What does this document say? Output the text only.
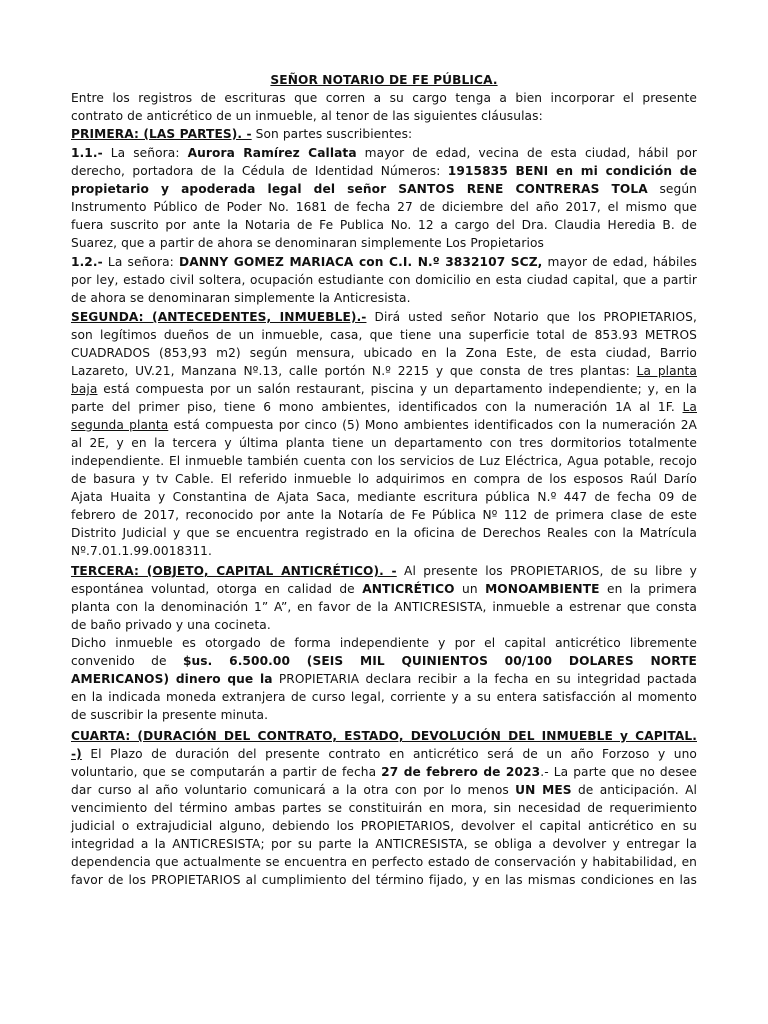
SEÑOR NOTARIO DE FE PÚBLICA.
Entre los registros de escrituras que corren a su cargo tenga a bien incorporar el presente
contrato de anticrético de un inmueble, al tenor de las siguientes cláusulas:
PRIMERA: (LAS PARTES). - Son partes suscribientes:
1.1.- La señora: Aurora Ramírez Callata mayor de edad, vecina de esta ciudad, hábil por
derecho, portadora de la Cédula de Identidad Números: 1915835 BENI en mi condición de
propietario y apoderada legal del señor SANTOS RENE CONTRERAS TOLA según
Instrumento Público de Poder No. 1681 de fecha 27 de diciembre del año 2017, el mismo que
fuera suscrito por ante la Notaria de Fe Publica No. 12 a cargo del Dra. Claudia Heredia B. de
Suarez, que a partir de ahora se denominaran simplemente Los Propietarios
1.2.- La señora: DANNY GOMEZ MARIACA con C.I. N.º 3832107 SCZ, mayor de edad, hábiles
por ley, estado civil soltera, ocupación estudiante con domicilio en esta ciudad capital, que a partir
de ahora se denominaran simplemente la Anticresista.
SEGUNDA: (ANTECEDENTES, INMUEBLE).- Dirá usted señor Notario que los PROPIETARIOS,
son legítimos dueños de un inmueble, casa, que tiene una superficie total de 853.93 METROS
CUADRADOS (853,93 m2) según mensura, ubicado en la Zona Este, de esta ciudad, Barrio
Lazareto, UV.21, Manzana Nº.13, calle portón N.º 2215 y que consta de tres plantas: La planta
baja está compuesta por un salón restaurant, piscina y un departamento independiente; y, en la
parte del primer piso, tiene 6 mono ambientes, identificados con la numeración 1A al 1F. La
segunda planta está compuesta por cinco (5) Mono ambientes identificados con la numeración 2A
al 2E, y en la tercera y última planta tiene un departamento con tres dormitorios totalmente
independiente. El inmueble también cuenta con los servicios de Luz Eléctrica, Agua potable, recojo
de basura y tv Cable. El referido inmueble lo adquirimos en compra de los esposos Raúl Darío
Ajata Huaita y Constantina de Ajata Saca, mediante escritura pública N.º 447 de fecha 09 de
febrero de 2017, reconocido por ante la Notaría de Fe Pública Nº 112 de primera clase de este
Distrito Judicial y que se encuentra registrado en la oficina de Derechos Reales con la Matrícula
Nº.7.01.1.99.0018311.
TERCERA: (OBJETO, CAPITAL ANTICRÉTICO). - Al presente los PROPIETARIOS, de su libre y
espontánea voluntad, otorga en calidad de ANTICRÉTICO un MONOAMBIENTE en la primera
planta con la denominación 1” A”, en favor de la ANTICRESISTA, inmueble a estrenar que consta
de baño privado y una cocineta.
Dicho inmueble es otorgado de forma independiente y por el capital anticrético libremente
convenido de $us. 6.500.00 (SEIS MIL QUINIENTOS 00/100 DOLARES NORTE
AMERICANOS) dinero que la PROPIETARIA declara recibir a la fecha en su integridad pactada
en la indicada moneda extranjera de curso legal, corriente y a su entera satisfacción al momento
de suscribir la presente minuta.
CUARTA: (DURACIÓN DEL CONTRATO, ESTADO, DEVOLUCIÓN DEL INMUEBLE y CAPITAL.
-) El Plazo de duración del presente contrato en anticrético será de un año Forzoso y uno
voluntario, que se computarán a partir de fecha 27 de febrero de 2023.- La parte que no desee
dar curso al año voluntario comunicará a la otra con por lo menos UN MES de anticipación. Al
vencimiento del término ambas partes se constituirán en mora, sin necesidad de requerimiento
judicial o extrajudicial alguno, debiendo los PROPIETARIOS, devolver el capital anticrético en su
integridad a la ANTICRESISTA; por su parte la ANTICRESISTA, se obliga a devolver y entregar la
dependencia que actualmente se encuentra en perfecto estado de conservación y habitabilidad, en
favor de los PROPIETARIOS al cumplimiento del término fijado, y en las mismas condiciones en las
